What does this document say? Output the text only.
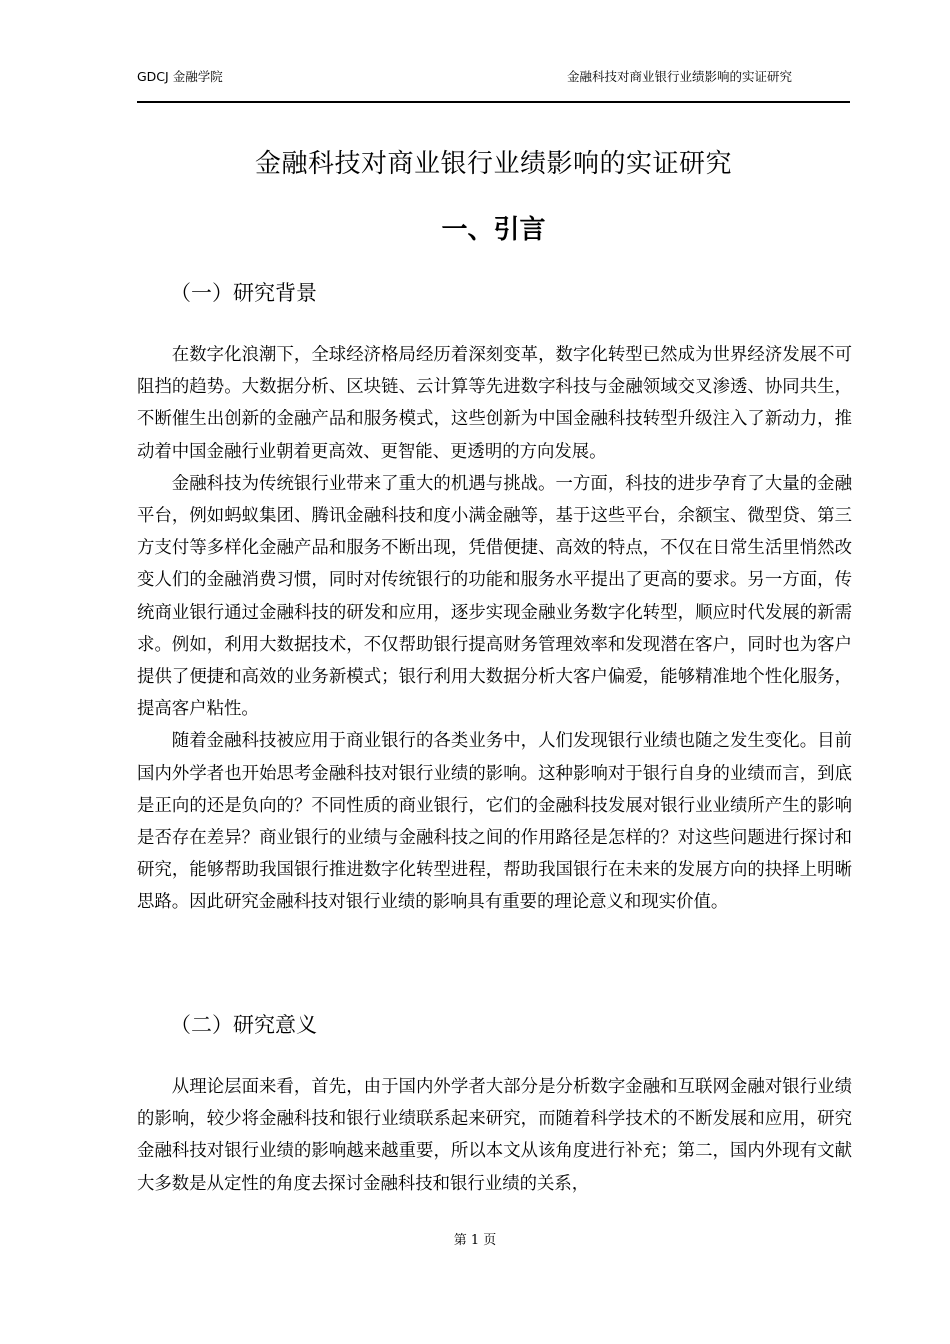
GDCJ 金融学院	金融科技对商业银行业绩影响的实证研究
金融科技对商业银行业绩影响的实证研究
一、引言
（一）研究背景

在数字化浪潮下，全球经济格局经历着深刻变革，数字化转型已然成为世界经济发展不可阻挡的趋势。大数据分析、区块链、云计算等先进数字科技与金融领域交叉渗透、协同共生，不断催生出创新的金融产品和服务模式，这些创新为中国金融科技转型升级注入了新动力，推动着中国金融行业朝着更高效、更智能、更透明的方向发展。

金融科技为传统银行业带来了重大的机遇与挑战。一方面，科技的进步孕育了大量的金融平台，例如蚂蚁集团、腾讯金融科技和度小满金融等，基于这些平台，余额宝、微型贷、第三方支付等多样化金融产品和服务不断出现，凭借便捷、高效的特点，不仅在日常生活里悄然改变人们的金融消费习惯，同时对传统银行的功能和服务水平提出了更高的要求。另一方面，传统商业银行通过金融科技的研发和应用，逐步实现金融业务数字化转型，顺应时代发展的新需求。例如，利用大数据技术，不仅帮助银行提高财务管理效率和发现潜在客户，同时也为客户提供了便捷和高效的业务新模式；银行利用大数据分析大客户偏爱，能够精准地个性化服务，提高客户粘性。

随着金融科技被应用于商业银行的各类业务中，人们发现银行业绩也随之发生变化。目前国内外学者也开始思考金融科技对银行业绩的影响。这种影响对于银行自身的业绩而言，到底是正向的还是负向的？不同性质的商业银行，它们的金融科技发展对银行业业绩所产生的影响是否存在差异？商业银行的业绩与金融科技之间的作用路径是怎样的？对这些问题进行探讨和研究，能够帮助我国银行推进数字化转型进程，帮助我国银行在未来的发展方向的抉择上明晰思路。因此研究金融科技对银行业绩的影响具有重要的理论意义和现实价值。

（二）研究意义

从理论层面来看，首先，由于国内外学者大部分是分析数字金融和互联网金融对银行业绩的影响，较少将金融科技和银行业绩联系起来研究，而随着科学技术的不断发展和应用，研究金融科技对银行业绩的影响越来越重要，所以本文从该角度进行补充；第二，国内外现有文献大多数是从定性的角度去探讨金融科技和银行业绩的关系，

第 1 页
